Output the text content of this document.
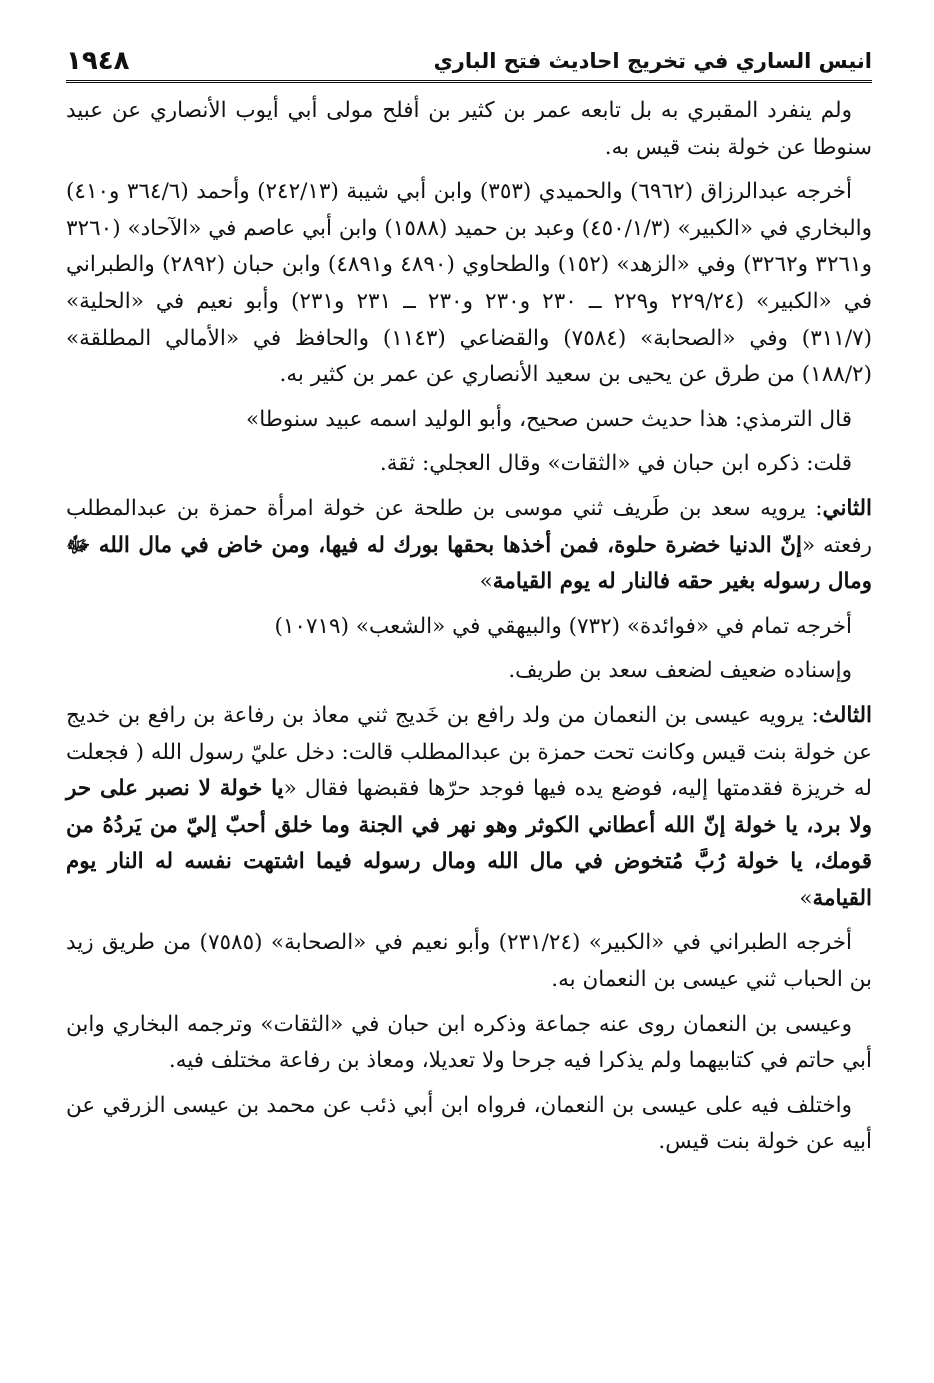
انيس الساري في تخريج احاديث فتح الباري
١٩٤٨

ولم ينفرد المقبري به بل تابعه عمر بن كثير بن أفلح مولى أبي أيوب الأنصاري عن عبيد سنوطا عن خولة بنت قيس به.

أخرجه عبدالرزاق (٦٩٦٢) والحميدي (٣٥٣) وابن أبي شيبة (٢٤٢/١٣) وأحمد (٣٦٤/٦ و٤١٠) والبخاري في «الكبير» (٤٥٠/١/٣) وعبد بن حميد (١٥٨٨) وابن أبي عاصم في «الآحاد» (٣٢٦٠ و٣٢٦١ و٣٢٦٢) وفي «الزهد» (١٥٢) والطحاوي (٤٨٩٠ و٤٨٩١) وابن حبان (٢٨٩٢) والطبراني في «الكبير» (٢٢٩/٢٤ و٢٢٩ ــ ٢٣٠ و٢٣٠ و٢٣٠ ــ ٢٣١ و٢٣١) وأبو نعيم في «الحلية» (٣١١/٧) وفي «الصحابة» (٧٥٨٤) والقضاعي (١١٤٣) والحافظ في «الأمالي المطلقة» (١٨٨/٢) من طرق عن يحيى بن سعيد الأنصاري عن عمر بن كثير به.

قال الترمذي: هذا حديث حسن صحيح، وأبو الوليد اسمه عبيد سنوطا»

قلت: ذكره ابن حبان في «الثقات» وقال العجلي: ثقة.

الثاني: يرويه سعد بن طَريف ثني موسى بن طلحة عن خولة امرأة حمزة بن عبدالمطلب رفعته «إنّ الدنيا خضرة حلوة، فمن أخذها بحقها بورك له فيها، ومن خاض في مال الله ﷻ ومال رسوله بغير حقه فالنار له يوم القيامة»

أخرجه تمام في «فوائدة» (٧٣٢) والبيهقي في «الشعب» (١٠٧١٩)

وإسناده ضعيف لضعف سعد بن طريف.

الثالث: يرويه عيسى بن النعمان من ولد رافع بن خَديج ثني معاذ بن رفاعة بن رافع بن خديج عن خولة بنت قيس وكانت تحت حمزة بن عبدالمطلب قالت: دخل عليّ رسول الله ( فجعلت له خريزة فقدمتها إليه، فوضع يده فيها فوجد حرّها فقبضها فقال «يا خولة لا نصبر على حر ولا برد، يا خولة إنّ الله أعطاني الكوثر وهو نهر في الجنة وما خلق أحبّ إليّ من يَردُهُ من قومك، يا خولة رُبَّ مُتخوض في مال الله ومال رسوله فيما اشتهت نفسه له النار يوم القيامة»

أخرجه الطبراني في «الكبير» (٢٣١/٢٤) وأبو نعيم في «الصحابة» (٧٥٨٥) من طريق زيد بن الحباب ثني عيسى بن النعمان به.

وعيسى بن النعمان روى عنه جماعة وذكره ابن حبان في «الثقات» وترجمه البخاري وابن أبي حاتم في كتابيهما ولم يذكرا فيه جرحا ولا تعديلا، ومعاذ بن رفاعة مختلف فيه.

واختلف فيه على عيسى بن النعمان، فرواه ابن أبي ذئب عن محمد بن عيسى الزرقي عن أبيه عن خولة بنت قيس.
